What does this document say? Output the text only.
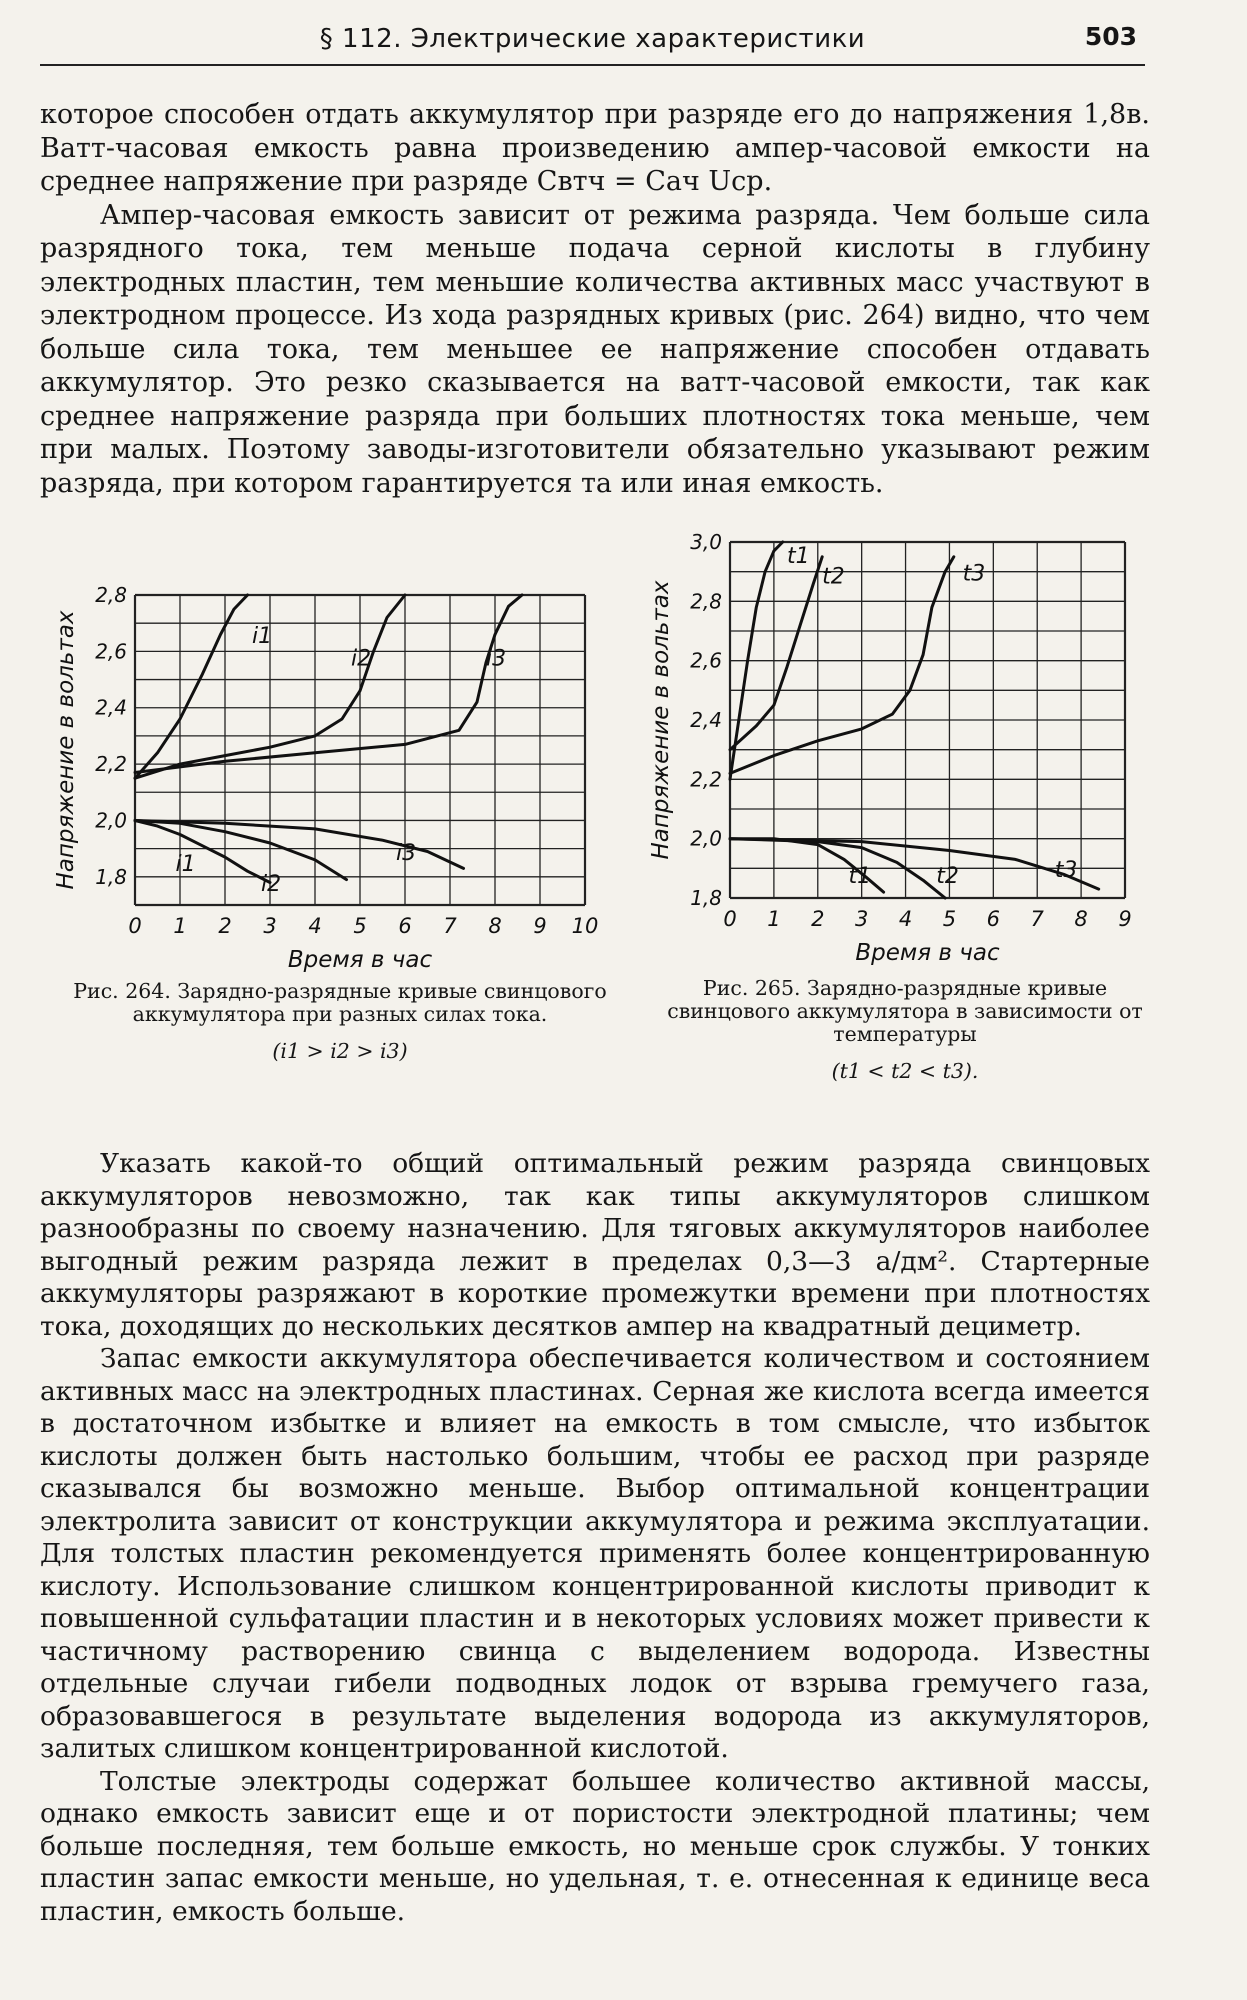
§ 112. Электрические характеристики	503

которое способен отдать аккумулятор при разряде его до напряжения 1,8в. Ватт-часовая емкость равна произведению ампер-часовой емкости на среднее напряжение при разряде Cвтч = Cач Uср.

Ампер-часовая емкость зависит от режима разряда. Чем больше сила разрядного тока, тем меньше подача серной кислоты в глубину электродных пластин, тем меньшие количества активных масс участвуют в электродном процессе. Из хода разрядных кривых (рис. 264) видно, что чем больше сила тока, тем меньшее ее напряжение способен отдавать аккумулятор. Это резко сказывается на ватт-часовой емкости, так как среднее напряжение разряда при больших плотностях тока меньше, чем при малых. Поэтому заводы-изготовители обязательно указывают режим разряда, при котором гарантируется та или иная емкость.

0 1 2 3 4 5 6 7 8 9 10
1,8
2,0
2,2
2,4
2,6
2,8
Время в час
Напряжение в вольтах	i1
i2	i3
i1
i2
i3
Рис. 264. Зарядно-разрядные кривые свинцового аккумулятора при разных силах тока.
(i1 > i2 > i3)
0 1 2 3 4 5 6 7 8 9
1,8
2,0
2,2
2,4
2,6
2,8
3,0
Время в час
Напряжение в вольтах
t1
t2	t3
t1	t2	t3
Рис. 265. Зарядно-разрядные кривые свинцового аккумулятора в зависимости от температуры
(t1 < t2 < t3).

Указать какой-то общий оптимальный режим разряда свинцовых аккумуляторов невозможно, так как типы аккумуляторов слишком разнообразны по своему назначению. Для тяговых аккумуляторов наиболее выгодный режим разряда лежит в пределах 0,3—3 а/дм². Стартерные аккумуляторы разряжают в короткие промежутки времени при плотностях тока, доходящих до нескольких десятков ампер на квадратный дециметр.

Запас емкости аккумулятора обеспечивается количеством и состоянием активных масс на электродных пластинах. Серная же кислота всегда имеется в достаточном избытке и влияет на емкость в том смысле, что избыток кислоты должен быть настолько большим, чтобы ее расход при разряде сказывался бы возможно меньше. Выбор оптимальной концентрации электролита зависит от конструкции аккумулятора и режима эксплуатации. Для толстых пластин рекомендуется применять более концентрированную кислоту. Использование слишком концентрированной кислоты приводит к повышенной сульфатации пластин и в некоторых условиях может привести к частичному растворению свинца с выделением водорода. Известны отдельные случаи гибели подводных лодок от взрыва гремучего газа, образовавшегося в результате выделения водорода из аккумуляторов, залитых слишком концентрированной кислотой.

Толстые электроды содержат большее количество активной массы, однако емкость зависит еще и от пористости электродной платины; чем больше последняя, тем больше емкость, но меньше срок службы. У тонких пластин запас емкости меньше, но удельная, т. е. отнесенная к единице веса пластин, емкость больше.
